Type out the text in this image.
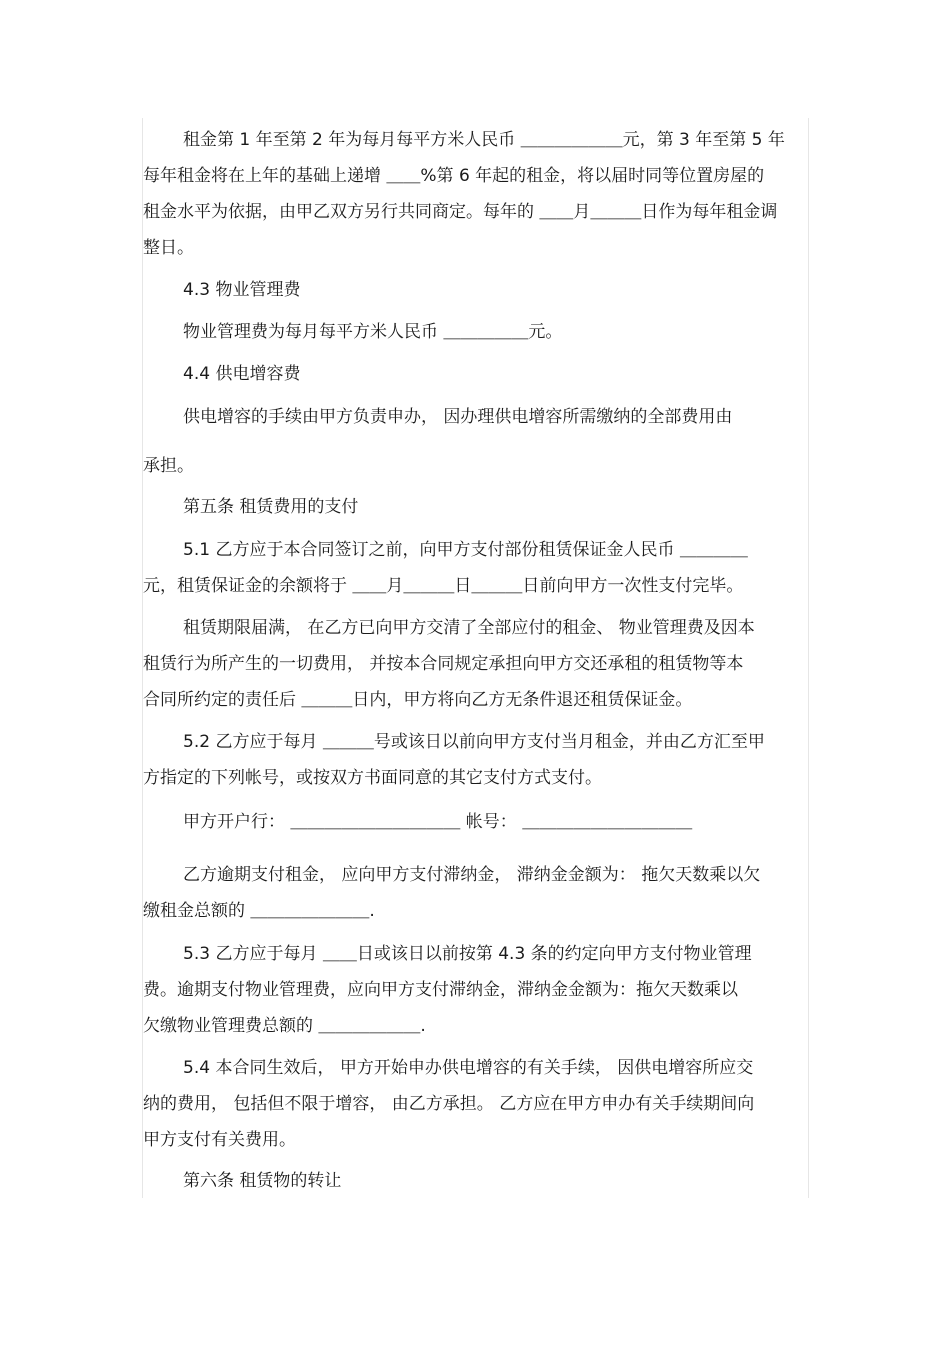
租金第 1 年至第 2 年为每月每平方米人民币 ＿＿＿＿＿＿元，第 3 年至第 5 年
每年租金将在上年的基础上递增 ＿＿%第 6 年起的租金，将以届时同等位置房屋的
租金水平为依据，由甲乙双方另行共同商定。每年的 ＿＿月＿＿＿日作为每年租金调
整日。
4.3 物业管理费
物业管理费为每月每平方米人民币 ＿＿＿＿＿元。
4.4 供电增容费
供电增容的手续由甲方负责申办， 因办理供电增容所需缴纳的全部费用由
承担。
第五条 租赁费用的支付
5.1 乙方应于本合同签订之前，向甲方支付部份租赁保证金人民币 ＿＿＿＿
元，租赁保证金的余额将于 ＿＿月＿＿＿日＿＿＿日前向甲方一次性支付完毕。
租赁期限届满， 在乙方已向甲方交清了全部应付的租金、 物业管理费及因本
租赁行为所产生的一切费用， 并按本合同规定承担向甲方交还承租的租赁物等本
合同所约定的责任后 ＿＿＿日内，甲方将向乙方无条件退还租赁保证金。
5.2 乙方应于每月 ＿＿＿号或该日以前向甲方支付当月租金，并由乙方汇至甲
方指定的下列帐号，或按双方书面同意的其它支付方式支付。
甲方开户行： ＿＿＿＿＿＿＿＿＿＿ 帐号： ＿＿＿＿＿＿＿＿＿＿
乙方逾期支付租金， 应向甲方支付滞纳金， 滞纳金金额为： 拖欠天数乘以欠
缴租金总额的 ＿＿＿＿＿＿＿.
5.3 乙方应于每月 ＿＿日或该日以前按第 4.3 条的约定向甲方支付物业管理
费。逾期支付物业管理费，应向甲方支付滞纳金，滞纳金金额为：拖欠天数乘以
欠缴物业管理费总额的 ＿＿＿＿＿＿.
5.4 本合同生效后， 甲方开始申办供电增容的有关手续， 因供电增容所应交
纳的费用， 包括但不限于增容， 由乙方承担。 乙方应在甲方申办有关手续期间向
甲方支付有关费用。
第六条 租赁物的转让
